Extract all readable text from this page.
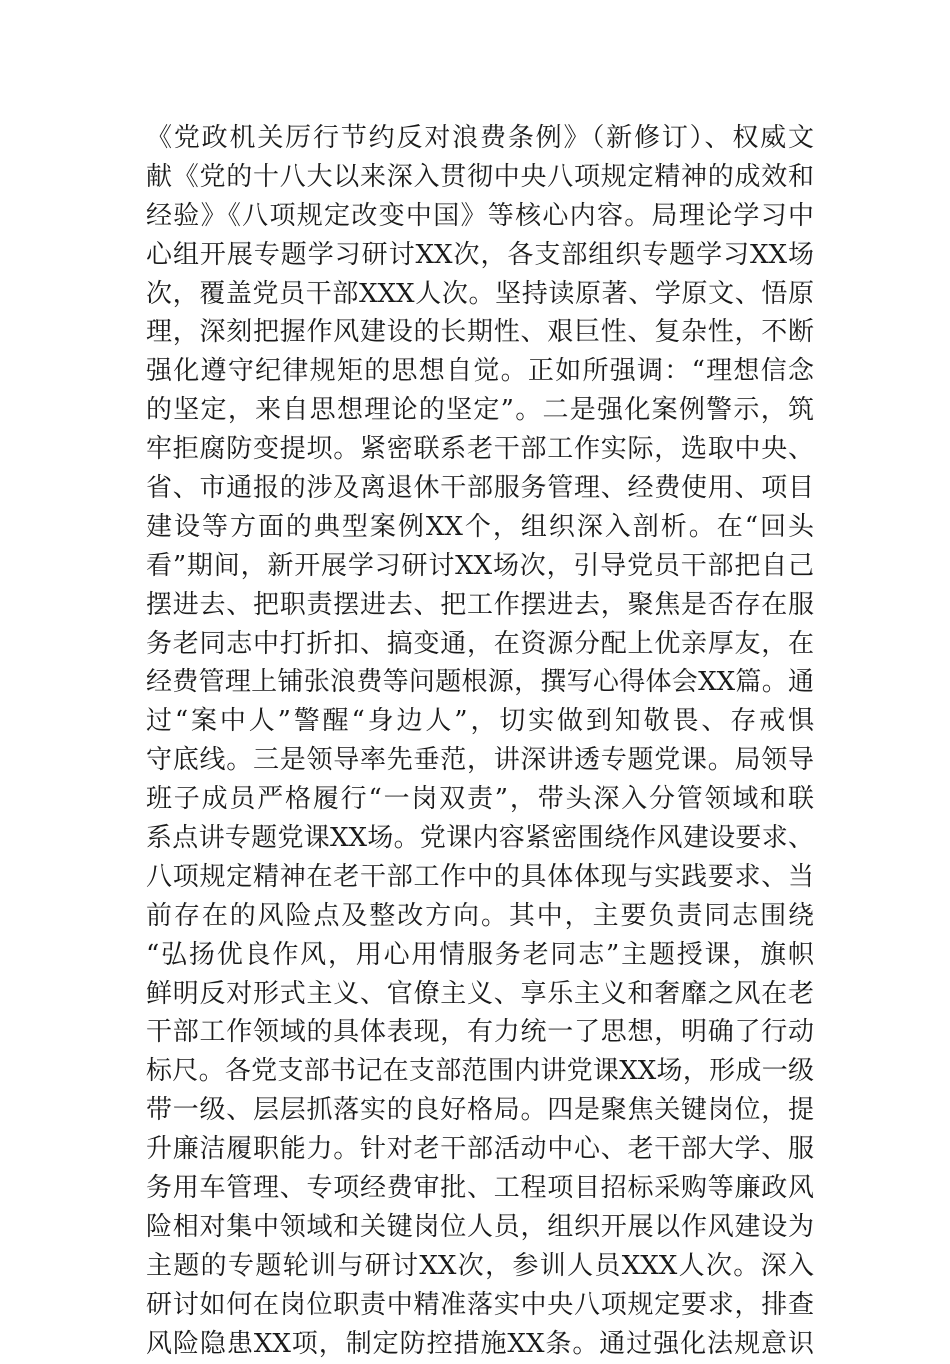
《党政机关厉行节约反对浪费条例》（新修订）、权威文
献《党的十八大以来深入贯彻中央八项规定精神的成效和
经验》《八项规定改变中国》等核心内容。局理论学习中
心组开展专题学习研讨XX次，各支部组织专题学习XX场
次，覆盖党员干部XXX人次。坚持读原著、学原文、悟原
理，深刻把握作风建设的长期性、艰巨性、复杂性，不断
强化遵守纪律规矩的思想自觉。正如所强调：“理想信念
的坚定，来自思想理论的坚定”。二是强化案例警示，筑
牢拒腐防变提坝。紧密联系老干部工作实际，选取中央、
省、市通报的涉及离退休干部服务管理、经费使用、项目
建设等方面的典型案例XX个，组织深入剖析。在“回头
看”期间，新开展学习研讨XX场次，引导党员干部把自己
摆进去、把职责摆进去、把工作摆进去，聚焦是否存在服
务老同志中打折扣、搞变通，在资源分配上优亲厚友，在
经费管理上铺张浪费等问题根源，撰写心得体会XX篇。通
过“案中人”警醒“身边人”，切实做到知敬畏、存戒惧
守底线。三是领导率先垂范，讲深讲透专题党课。局领导
班子成员严格履行“一岗双责”，带头深入分管领域和联
系点讲专题党课XX场。党课内容紧密围绕作风建设要求、
八项规定精神在老干部工作中的具体体现与实践要求、当
前存在的风险点及整改方向。其中，主要负责同志围绕
“弘扬优良作风，用心用情服务老同志”主题授课，旗帜
鲜明反对形式主义、官僚主义、享乐主义和奢靡之风在老
干部工作领域的具体表现，有力统一了思想，明确了行动
标尺。各党支部书记在支部范围内讲党课XX场，形成一级
带一级、层层抓落实的良好格局。四是聚焦关键岗位，提
升廉洁履职能力。针对老干部活动中心、老干部大学、服
务用车管理、专项经费审批、工程项目招标采购等廉政风
险相对集中领域和关键岗位人员，组织开展以作风建设为
主题的专题轮训与研讨XX次，参训人员XXX人次。深入
研讨如何在岗位职责中精准落实中央八项规定要求，排查
风险隐患XX项，制定防控措施XX条。通过强化法规意识
